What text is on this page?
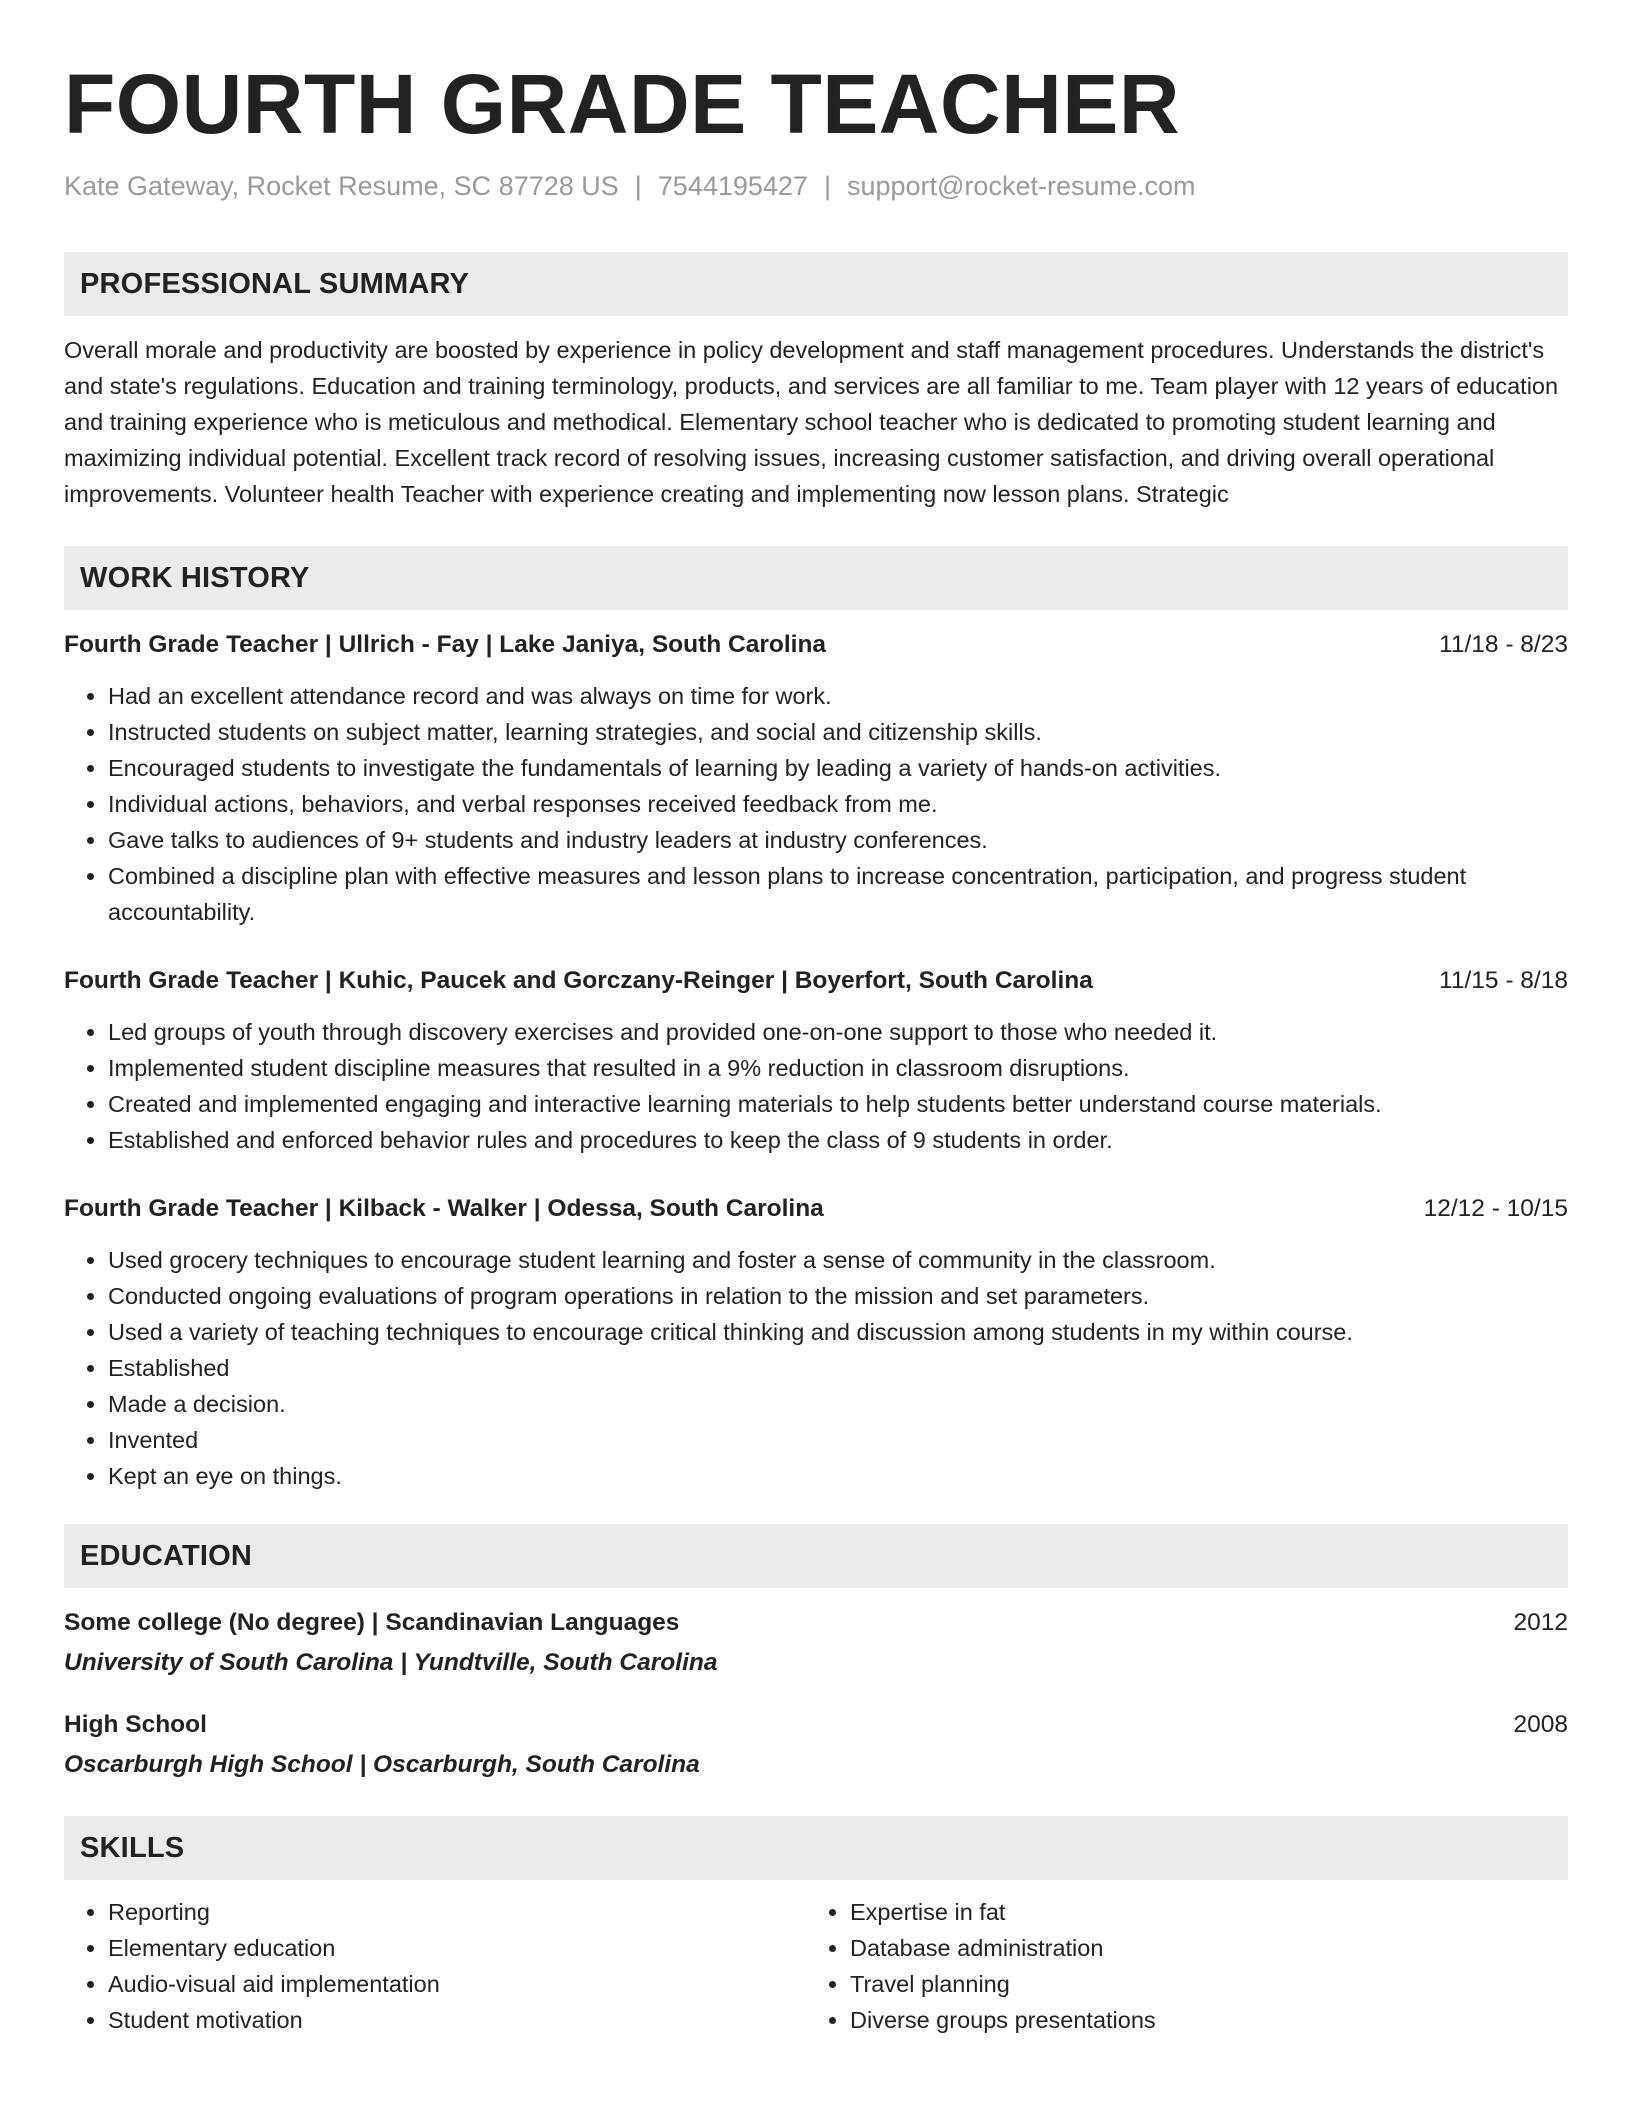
FOURTH GRADE TEACHER
Kate Gateway, Rocket Resume, SC 87728 US | 7544195427 | support@rocket-resume.com
PROFESSIONAL SUMMARY
Overall morale and productivity are boosted by experience in policy development and staff management procedures. Understands the district's and state's regulations. Education and training terminology, products, and services are all familiar to me. Team player with 12 years of education and training experience who is meticulous and methodical. Elementary school teacher who is dedicated to promoting student learning and maximizing individual potential. Excellent track record of resolving issues, increasing customer satisfaction, and driving overall operational improvements. Volunteer health Teacher with experience creating and implementing now lesson plans. Strategic
WORK HISTORY
Fourth Grade Teacher | Ullrich - Fay | Lake Janiya, South Carolina	11/18 - 8/23
• Had an excellent attendance record and was always on time for work.
• Instructed students on subject matter, learning strategies, and social and citizenship skills.
• Encouraged students to investigate the fundamentals of learning by leading a variety of hands-on activities.
• Individual actions, behaviors, and verbal responses received feedback from me.
• Gave talks to audiences of 9+ students and industry leaders at industry conferences.
• Combined a discipline plan with effective measures and lesson plans to increase concentration, participation, and progress student accountability.
Fourth Grade Teacher | Kuhic, Paucek and Gorczany-Reinger | Boyerfort, South Carolina	11/15 - 8/18
• Led groups of youth through discovery exercises and provided one-on-one support to those who needed it.
• Implemented student discipline measures that resulted in a 9% reduction in classroom disruptions.
• Created and implemented engaging and interactive learning materials to help students better understand course materials.
• Established and enforced behavior rules and procedures to keep the class of 9 students in order.
Fourth Grade Teacher | Kilback - Walker | Odessa, South Carolina	12/12 - 10/15
• Used grocery techniques to encourage student learning and foster a sense of community in the classroom.
• Conducted ongoing evaluations of program operations in relation to the mission and set parameters.
• Used a variety of teaching techniques to encourage critical thinking and discussion among students in my within course.
• Established
• Made a decision.
• Invented
• Kept an eye on things.
EDUCATION
Some college (No degree) | Scandinavian Languages	2012
University of South Carolina | Yundtville, South Carolina
High School	2008
Oscarburgh High School | Oscarburgh, South Carolina
SKILLS
• Reporting
• Elementary education
• Audio-visual aid implementation
• Student motivation
• Expertise in fat
• Database administration
• Travel planning
• Diverse groups presentations
